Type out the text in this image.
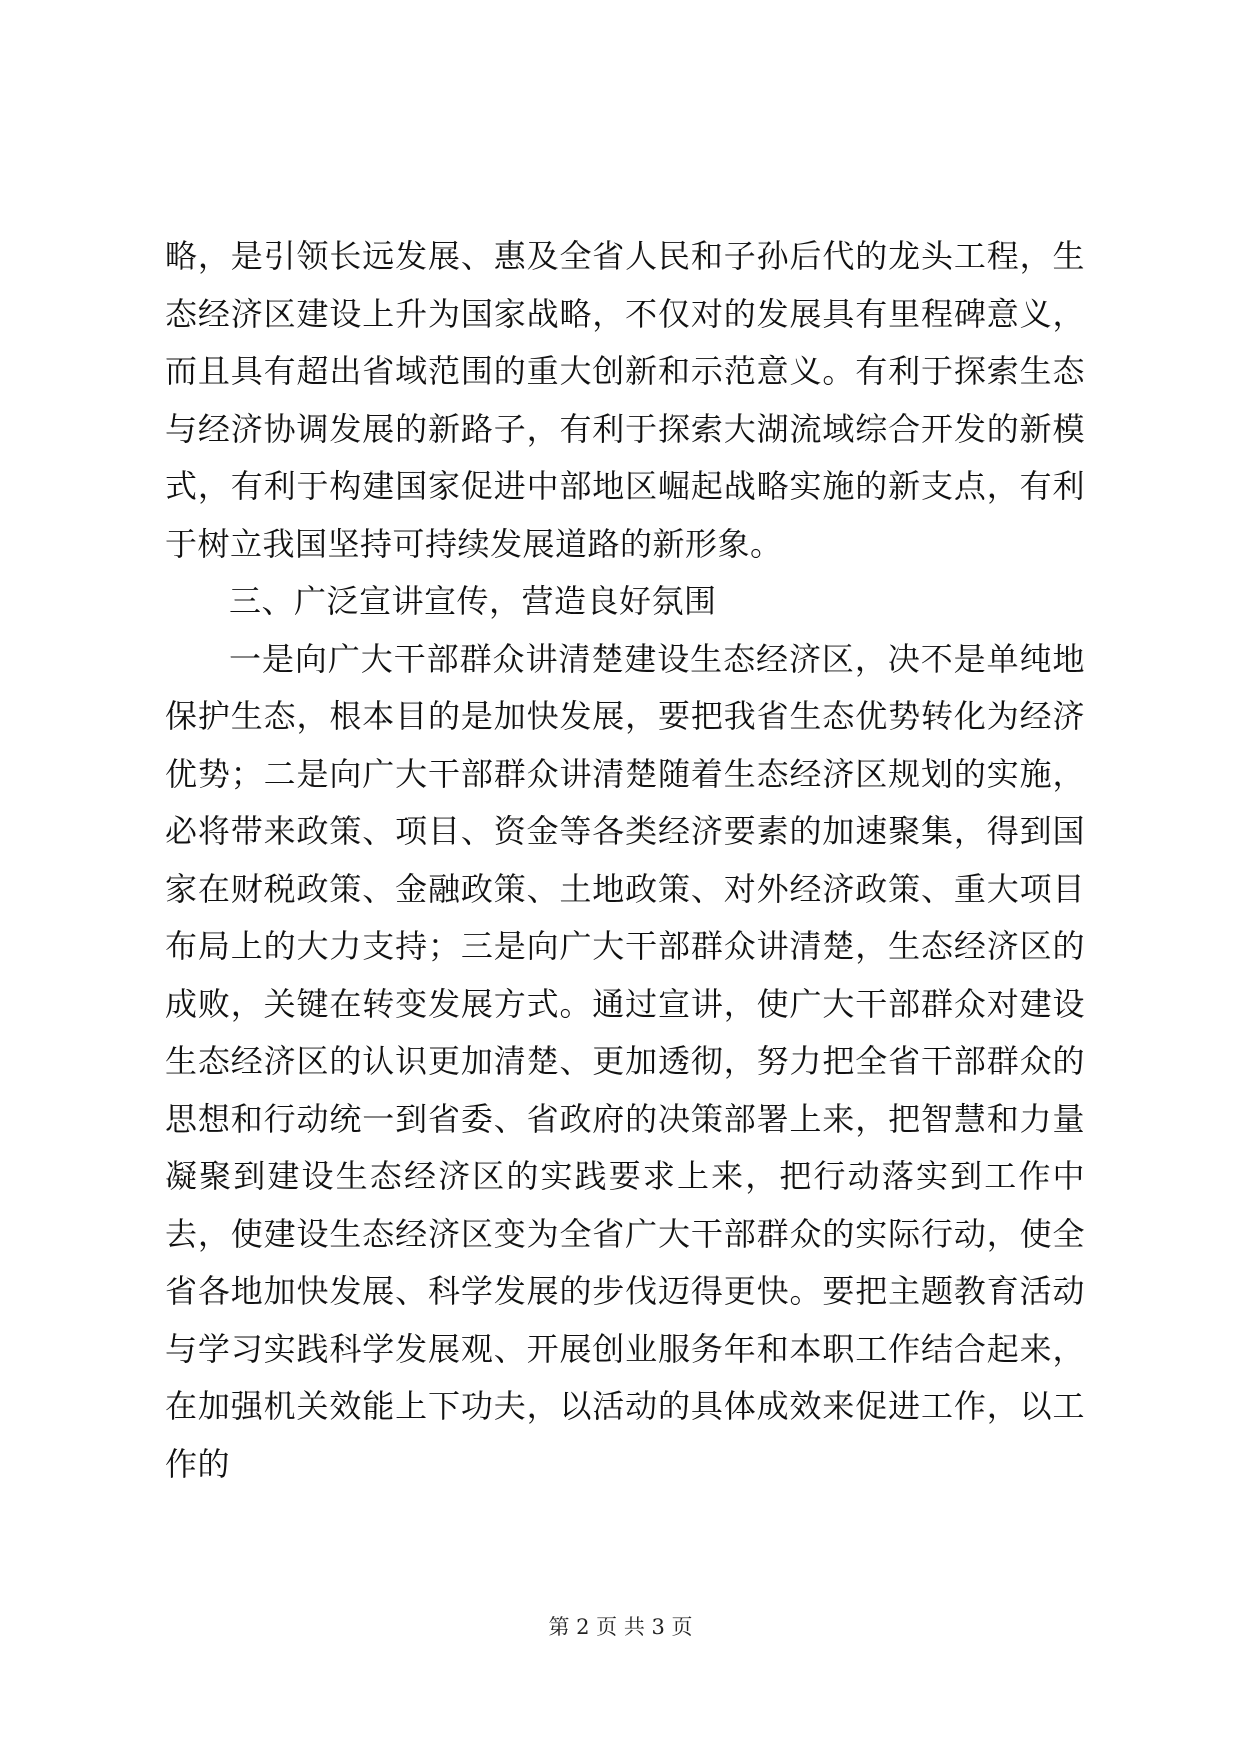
略，是引领长远发展、惠及全省人民和子孙后代的龙头工程，生态经济区建设上升为国家战略，不仅对的发展具有里程碑意义，而且具有超出省域范围的重大创新和示范意义。有利于探索生态与经济协调发展的新路子，有利于探索大湖流域综合开发的新模式，有利于构建国家促进中部地区崛起战略实施的新支点，有利于树立我国坚持可持续发展道路的新形象。

三、广泛宣讲宣传，营造良好氛围

一是向广大干部群众讲清楚建设生态经济区，决不是单纯地保护生态，根本目的是加快发展，要把我省生态优势转化为经济优势；二是向广大干部群众讲清楚随着生态经济区规划的实施，必将带来政策、项目、资金等各类经济要素的加速聚集，得到国家在财税政策、金融政策、土地政策、对外经济政策、重大项目布局上的大力支持；三是向广大干部群众讲清楚，生态经济区的成败，关键在转变发展方式。通过宣讲，使广大干部群众对建设生态经济区的认识更加清楚、更加透彻，努力把全省干部群众的思想和行动统一到省委、省政府的决策部署上来，把智慧和力量凝聚到建设生态经济区的实践要求上来，把行动落实到工作中去，使建设生态经济区变为全省广大干部群众的实际行动，使全省各地加快发展、科学发展的步伐迈得更快。要把主题教育活动与学习实践科学发展观、开展创业服务年和本职工作结合起来，在加强机关效能上下功夫，以活动的具体成效来促进工作，以工作的

第 2 页 共 3 页
